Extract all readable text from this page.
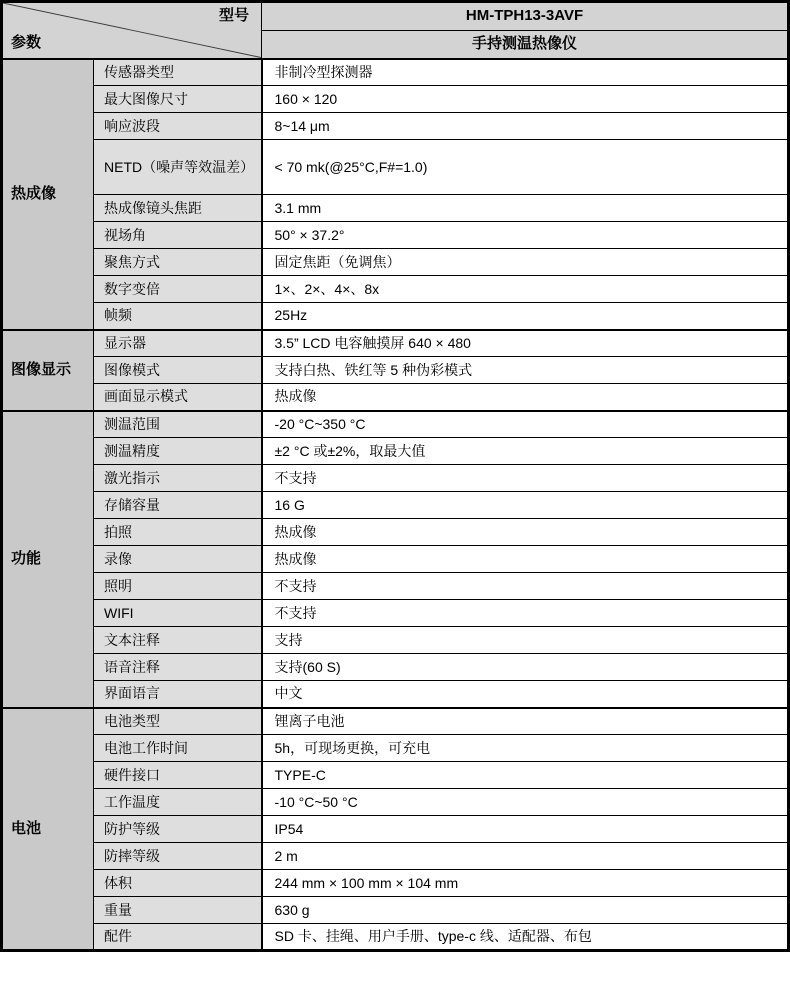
型号
参数		HM-TPH13-3AVF
		手持测温热像仪
热成像	传感器类型	非制冷型探测器
	最大图像尺寸	160 × 120
	响应波段	8~14 μm
	NETD（噪声等效温差）	< 70 mk(@25°C,F#=1.0)
	热成像镜头焦距	3.1 mm
	视场角	50° × 37.2°
	聚焦方式	固定焦距（免调焦）
	数字变倍	1×、2×、4×、8x
	帧频	25Hz
图像显示	显示器	3.5” LCD 电容触摸屏 640 × 480
	图像模式	支持白热、铁红等 5 种伪彩模式
	画面显示模式	热成像
功能	测温范围	-20 °C~350 °C
	测温精度	±2 °C 或±2%，取最大值
	激光指示	不支持
	存储容量	16 G
	拍照	热成像
	录像	热成像
	照明	不支持
	WIFI	不支持
	文本注释	支持
	语音注释	支持(60 S)
	界面语言	中文
电池	电池类型	锂离子电池
	电池工作时间	5h，可现场更换，可充电
	硬件接口	TYPE-C
	工作温度	-10 °C~50 °C
	防护等级	IP54
	防摔等级	2 m
	体积	244 mm × 100 mm × 104 mm
	重量	630 g
	配件	SD 卡、挂绳、用户手册、type-c 线、适配器、布包
